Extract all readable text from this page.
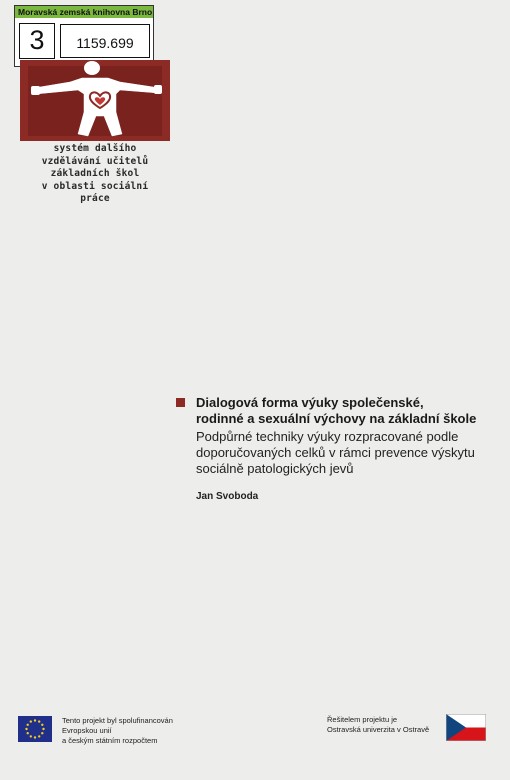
Moravská zemská knihovna Brno
3	1159.699
systém dalšího
vzdělávání učitelů
základních škol
v oblasti sociální
práce
Dialogová forma výuky společenské,
rodinné a sexuální výchovy na základní škole
Podpůrné techniky výuky rozpracované podle
doporučovaných celků v rámci prevence výskytu
sociálně patologických jevů
Jan Svoboda
Tento projekt byl spolufinancován
Evropskou unií
a českým státním rozpočtem
Řešitelem projektu je
Ostravská univerzita v Ostravě
